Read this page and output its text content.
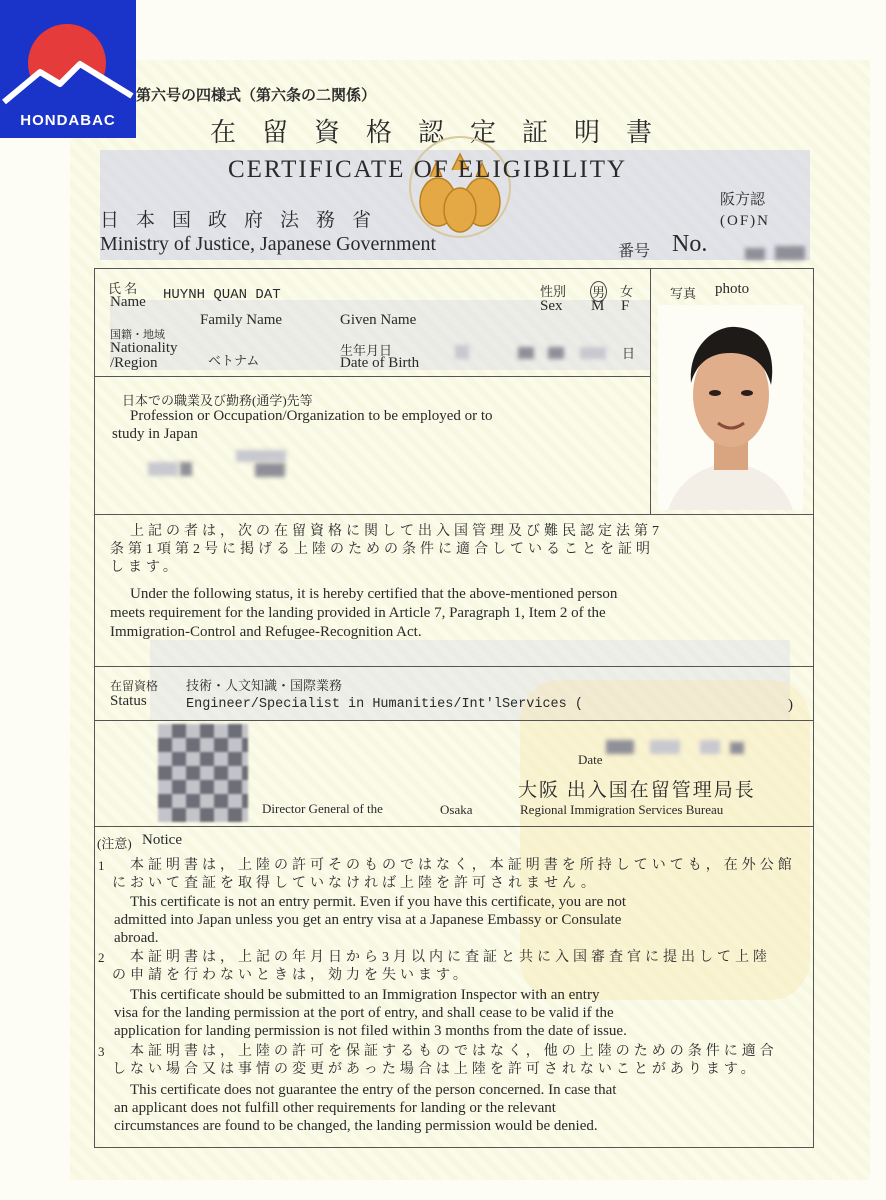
HONDABAC
第六号の四様式（第六条の二関係）
在留資格認定証明書
CERTIFICATE OF ELIGIBILITY
日本国政府法務省
Ministry of Justice, Japanese Government
阪方認
(OF)N
番号 No.
氏 名
Name HUYNH QUAN DAT
Family Name	Given Name
性別 男 女
Sex M F
国籍・地域
Nationality
/Region	ベトナム
生年月日
Date of Birth
日
写真 photo
日本での職業及び勤務(通学)先等
Profession or Occupation/Organization to be employed or to
study in Japan
上記の者は，次の在留資格に関して出入国管理及び難民認定法第7
条第1項第2号に掲げる上陸のための条件に適合していることを証明
します。
Under the following status, it is hereby certified that the above-mentioned person
meets requirement for the landing provided in Article 7, Paragraph 1, Item 2 of the
Immigration-Control and Refugee-Recognition Act.
在留資格
Status
技術・人文知識・国際業務
Engineer/Specialist in Humanities/Int'lServices (	)
Date
大阪 出入国在留管理局長
Director General of the	Osaka	Regional Immigration Services Bureau
(注意) Notice
1 本証明書は，上陸の許可そのものではなく，本証明書を所持していても，在外公館
において査証を取得していなければ上陸を許可されません。
This certificate is not an entry permit. Even if you have this certificate, you are not
admitted into Japan unless you get an entry visa at a Japanese Embassy or Consulate
abroad.
2 本証明書は，上記の年月日から3月以内に査証と共に入国審査官に提出して上陸
の申請を行わないときは，効力を失います。
This certificate should be submitted to an Immigration Inspector with an entry
visa for the landing permission at the port of entry, and shall cease to be valid if the
application for landing permission is not filed within 3 months from the date of issue.
3 本証明書は，上陸の許可を保証するものではなく，他の上陸のための条件に適合
しない場合又は事情の変更があった場合は上陸を許可されないことがあります。
This certificate does not guarantee the entry of the person concerned. In case that
an applicant does not fulfill other requirements for landing or the relevant
circumstances are found to be changed, the landing permission would be denied.
